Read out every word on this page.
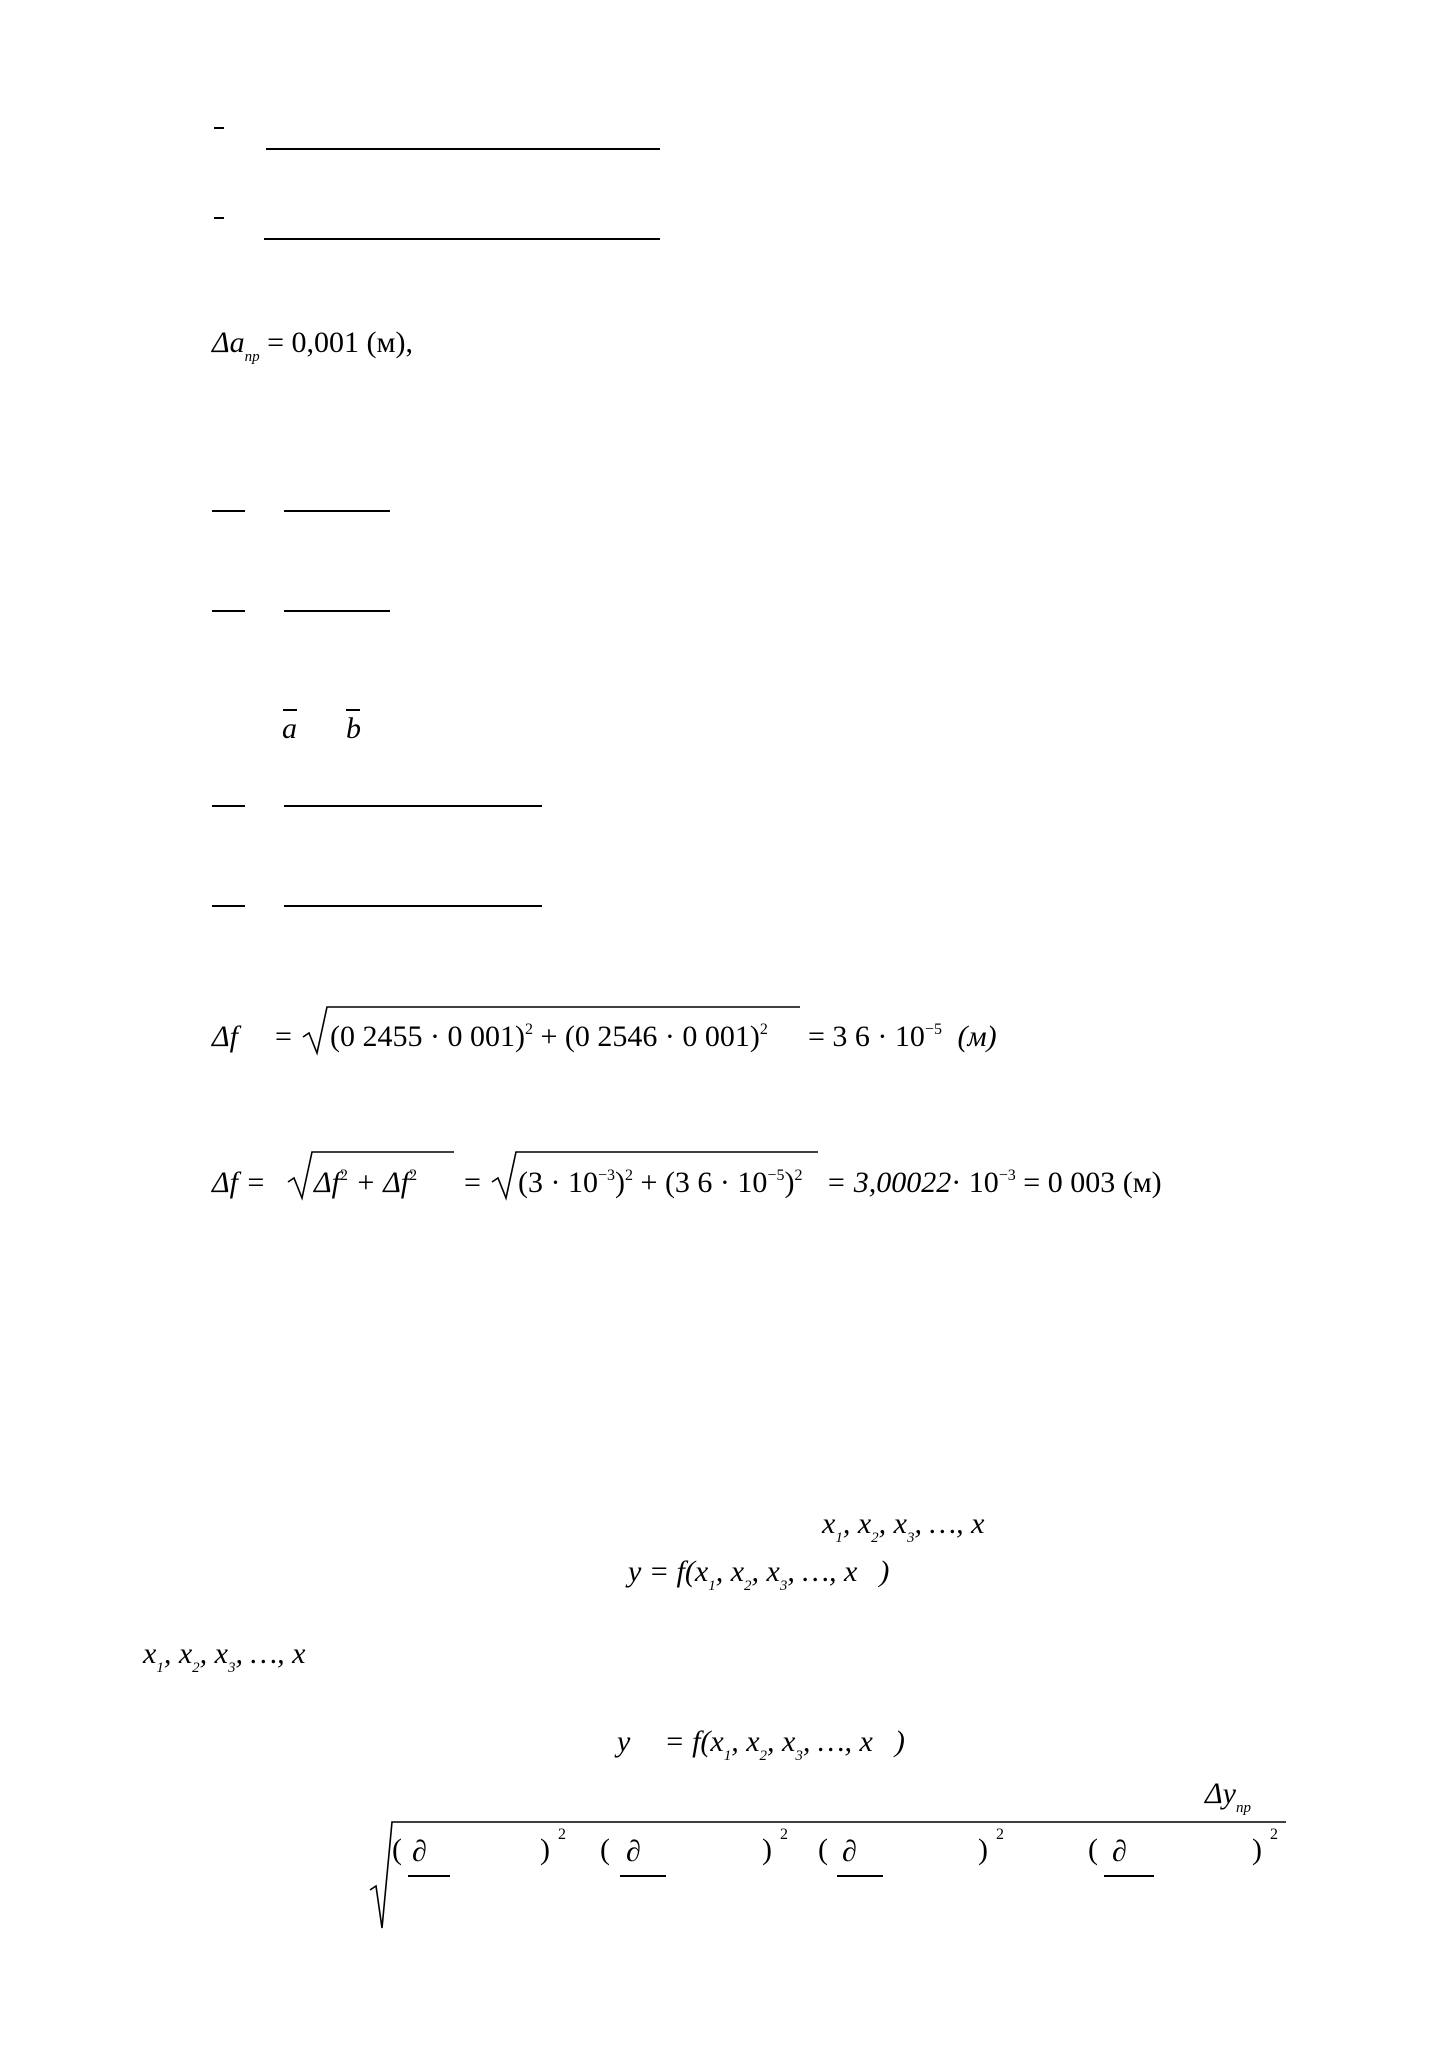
$\Delta a_{пр} = 0,001$ (м),
a b
Δf = (0 2455 · 0 001)$^2$ + (0 2546 · 0 001)$^2$ = 3 $6 \cdot 10^{-5}$ (м)
$\Delta f = \Delta f^2 + \Delta f^2 = (3 \cdot 10^{-3})^2 + (3$ $6 \cdot 10^{-5})^2 = 3,00022\cdot 10^{-3} = 0$ 003 (м)
$x_1$, $x_2$, $x_3$, …, x
$y = f(x_1$, $x_2$, $x_3$, …, x )
$x_1$, $x_2$, $x_3$, …, x
$y = f(x_1$, $x_2$, $x_3$, …, x )
$\Delta y_{пр}$
( ∂	) 2 ( ∂	) 2 ( ∂	) 2	( ∂	) 2
